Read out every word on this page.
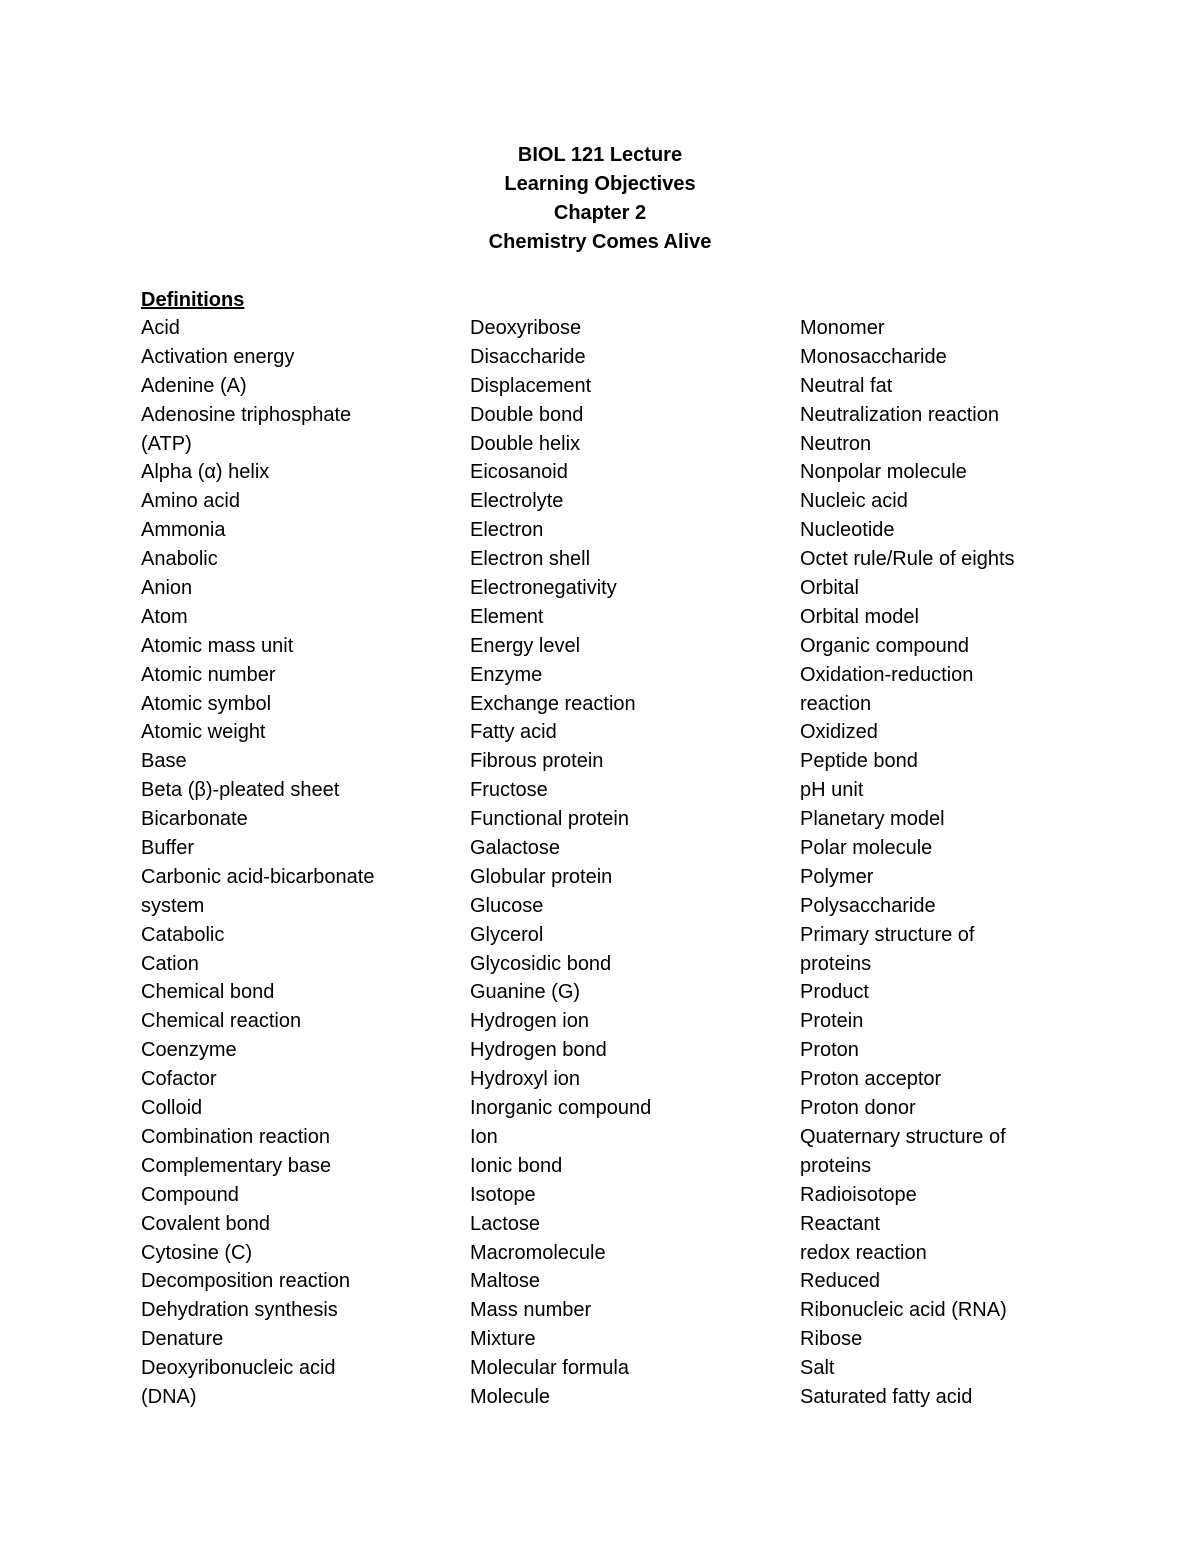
BIOL 121 Lecture
Learning Objectives
Chapter 2
Chemistry Comes Alive
Definitions
Acid
Activation energy
Adenine (A)
Adenosine triphosphate
(ATP)
Alpha (α) helix
Amino acid
Ammonia
Anabolic
Anion
Atom
Atomic mass unit
Atomic number
Atomic symbol
Atomic weight
Base
Beta (β)-pleated sheet
Bicarbonate
Buffer
Carbonic acid-bicarbonate
system
Catabolic
Cation
Chemical bond
Chemical reaction
Coenzyme
Cofactor
Colloid
Combination reaction
Complementary base
Compound
Covalent bond
Cytosine (C)
Decomposition reaction
Dehydration synthesis
Denature
Deoxyribonucleic acid
(DNA)
Deoxyribose
Disaccharide
Displacement
Double bond
Double helix
Eicosanoid
Electrolyte
Electron
Electron shell
Electronegativity
Element
Energy level
Enzyme
Exchange reaction
Fatty acid
Fibrous protein
Fructose
Functional protein
Galactose
Globular protein
Glucose
Glycerol
Glycosidic bond
Guanine (G)
Hydrogen ion
Hydrogen bond
Hydroxyl ion
Inorganic compound
Ion
Ionic bond
Isotope
Lactose
Macromolecule
Maltose
Mass number
Mixture
Molecular formula
Molecule
Monomer
Monosaccharide
Neutral fat
Neutralization reaction
Neutron
Nonpolar molecule
Nucleic acid
Nucleotide
Octet rule/Rule of eights
Orbital
Orbital model
Organic compound
Oxidation-reduction
reaction
Oxidized
Peptide bond
pH unit
Planetary model
Polar molecule
Polymer
Polysaccharide
Primary structure of
proteins
Product
Protein
Proton
Proton acceptor
Proton donor
Quaternary structure of
proteins
Radioisotope
Reactant
redox reaction
Reduced
Ribonucleic acid (RNA)
Ribose
Salt
Saturated fatty acid
